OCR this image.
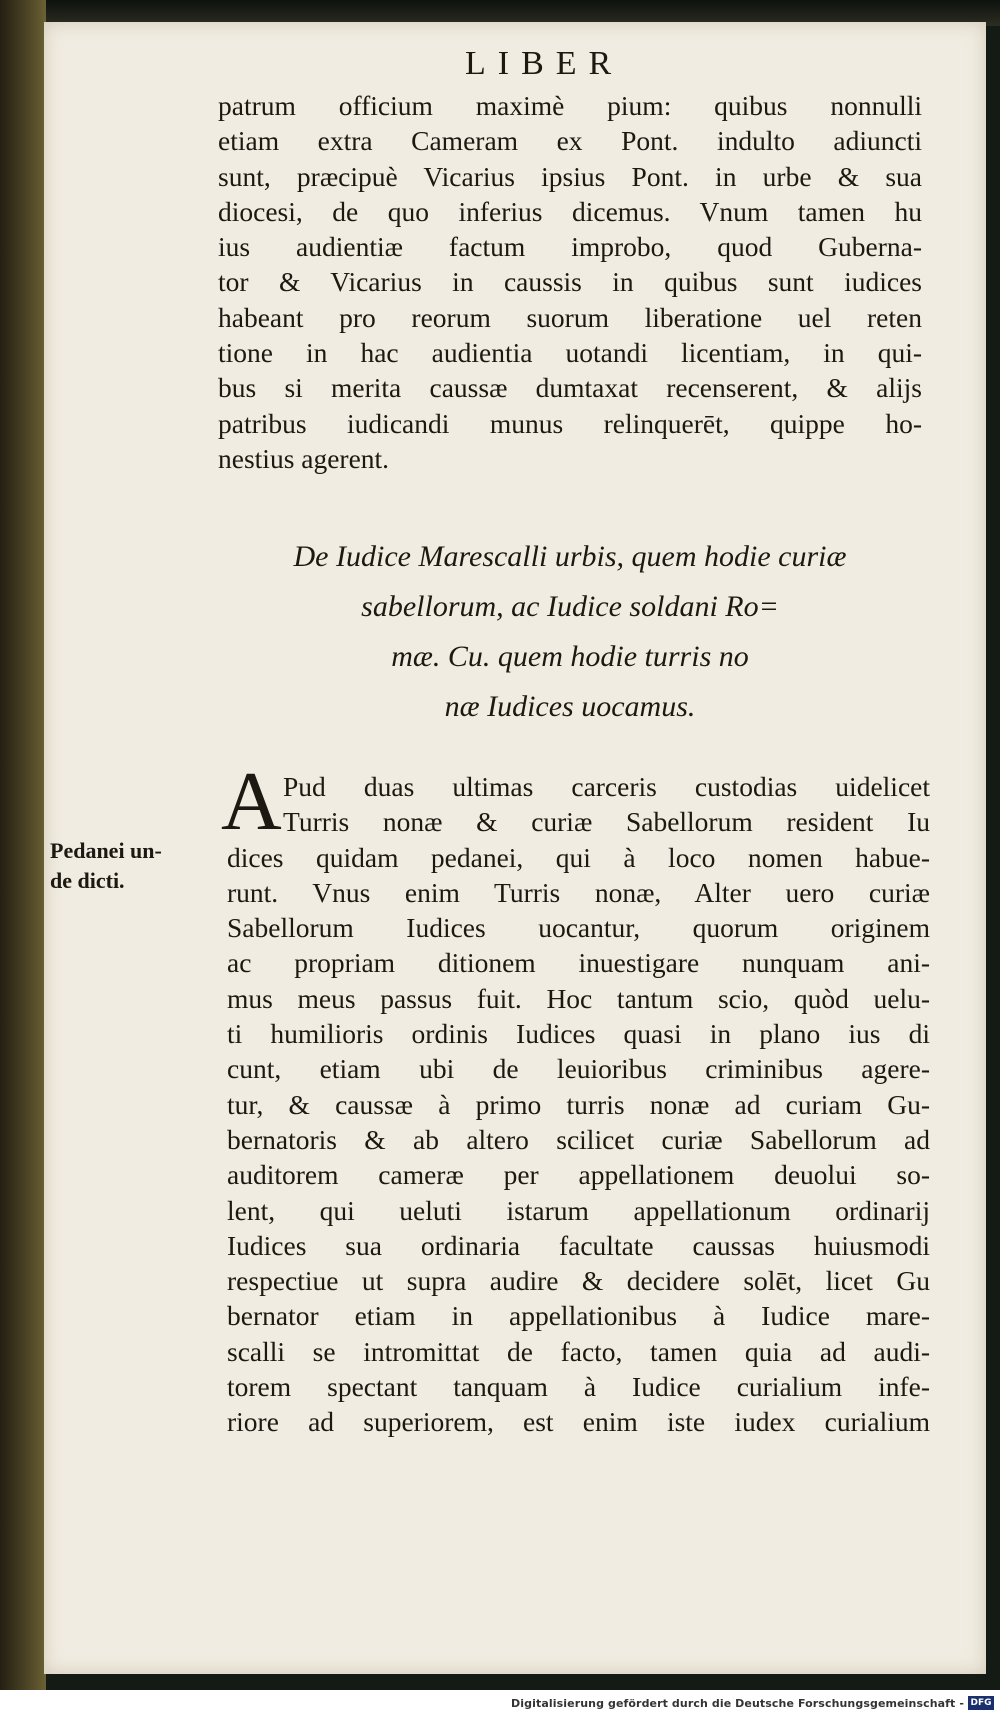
LIBER
patrum officium maximè pium: quibus nonnulli
etiam extra Cameram ex Pont. indulto adiuncti
sunt, præcipuè Vicarius ipsius Pont. in urbe & sua
diocesi, de quo inferius dicemus. Vnum tamen hu
ius audientiæ factum improbo, quod Guberna-
tor & Vicarius in caussis in quibus sunt iudices
habeant pro reorum suorum liberatione uel reten
tione in hac audientia uotandi licentiam, in qui-
bus si merita caussæ dumtaxat recenserent, & alijs
patribus iudicandi munus relinquerēt, quippe ho-
nestius agerent.
De Iudice Marescalli urbis, quem hodie curiæ
sabellorum, ac Iudice soldani Ro=
mæ. Cu. quem hodie turris no
næ Iudices uocamus.
A Pud duas ultimas carceris custodias uidelicet
Turris nonæ & curiæ Sabellorum resident Iu
dices quidam pedanei, qui à loco nomen habue-
runt. Vnus enim Turris nonæ, Alter uero curiæ
Sabellorum Iudices uocantur, quorum originem
ac propriam ditionem inuestigare nunquam ani-
mus meus passus fuit. Hoc tantum scio, quòd uelu-
ti humilioris ordinis Iudices quasi in plano ius di
cunt, etiam ubi de leuioribus criminibus agere-
tur, & caussæ à primo turris nonæ ad curiam Gu-
bernatoris & ab altero scilicet curiæ Sabellorum ad
auditorem cameræ per appellationem deuolui so-
lent, qui ueluti istarum appellationum ordinarij
Iudices sua ordinaria facultate caussas huiusmodi
respectiue ut supra audire & decidere solēt, licet Gu
bernator etiam in appellationibus à Iudice mare-
scalli se intromittat de facto, tamen quia ad audi-
torem spectant tanquam à Iudice curialium infe-
riore ad superiorem, est enim iste iudex curialium
Pedanei un-
de dicti.
Digitalisierung gefördert durch die Deutsche Forschungsgemeinschaft - DFG
